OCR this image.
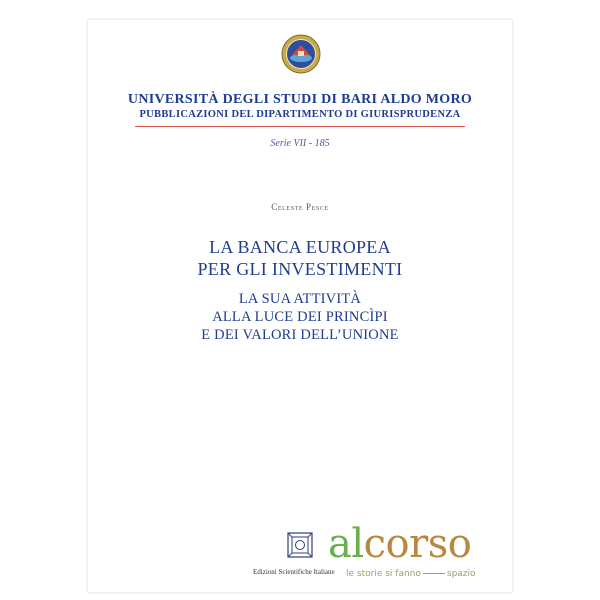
UNIVERSITÀ DEGLI STUDI DI BARI ALDO MORO
PUBBLICAZIONI DEL DIPARTIMENTO DI GIURISPRUDENZA
Serie VII - 185
Celeste Pesce
LA BANCA EUROPEA
PER GLI INVESTIMENTI
LA SUA ATTIVITÀ
ALLA LUCE DEI PRINCÌPI
E DEI VALORI DELL’UNIONE
Edizioni Scientifiche Italiane
alcorso
le storie si fanno	spazio
